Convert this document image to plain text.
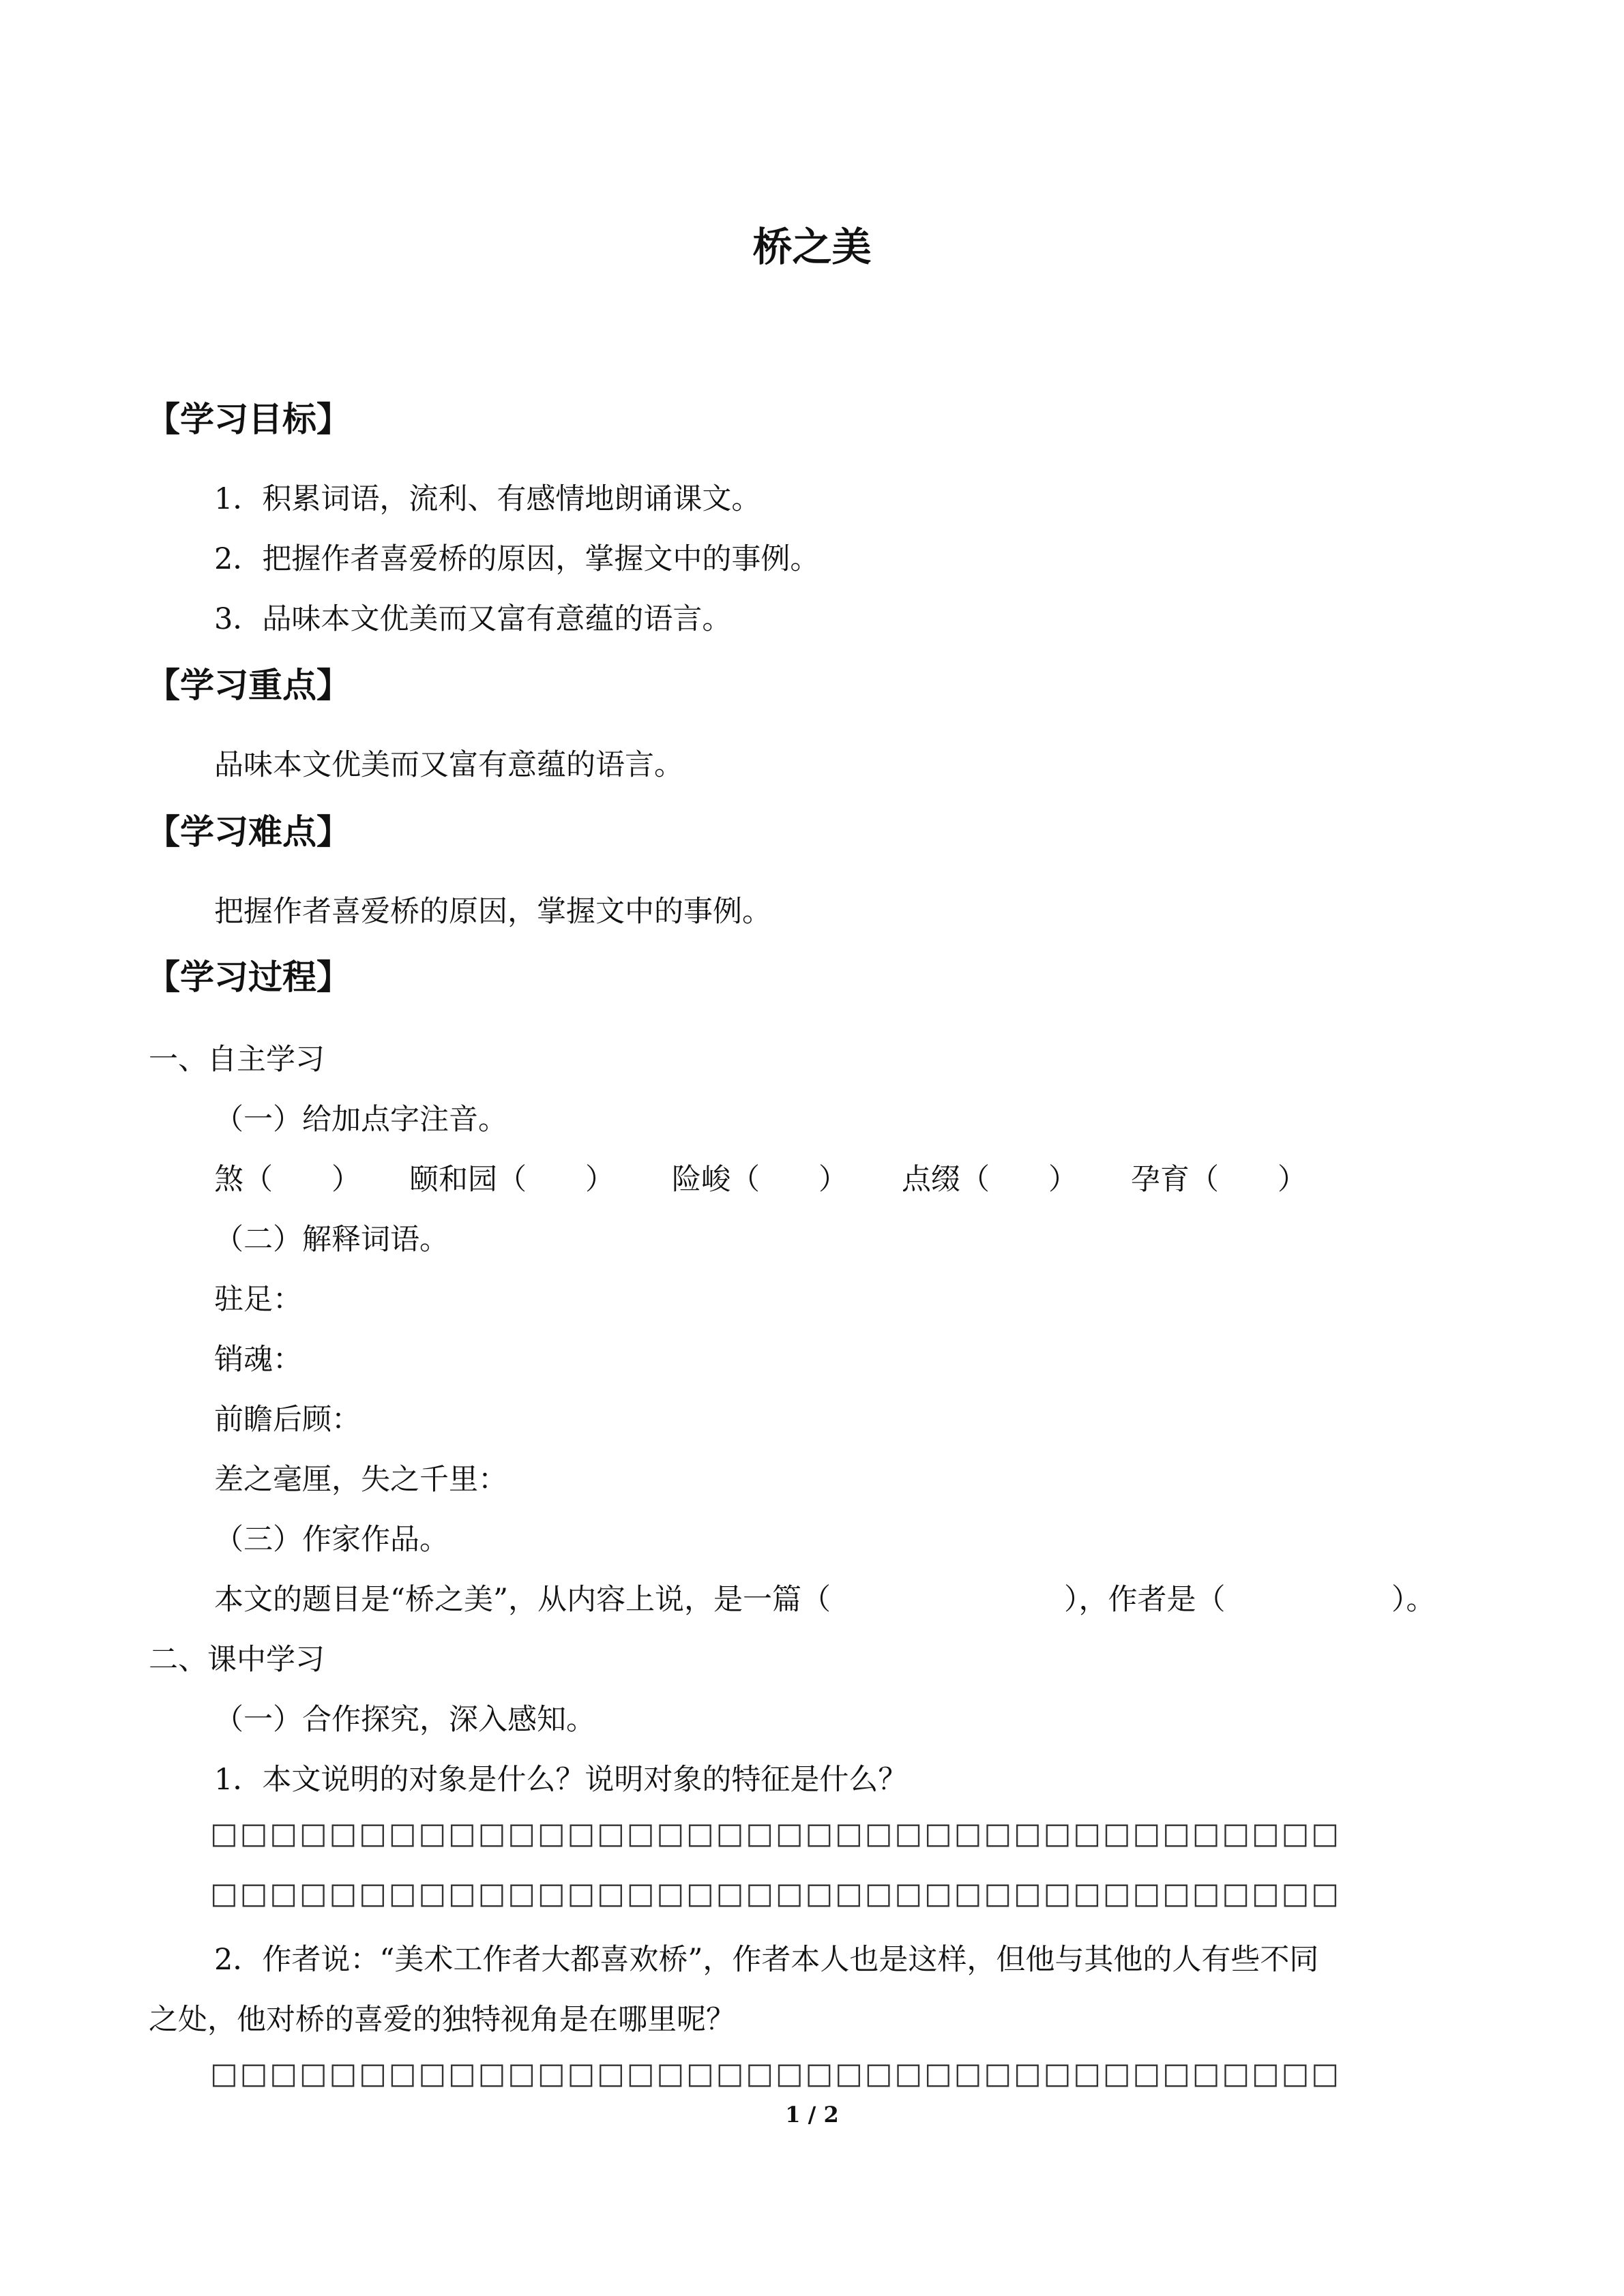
桥之美
【学习目标】
1．积累词语，流利、有感情地朗诵课文。
2．把握作者喜爱桥的原因，掌握文中的事例。
3．品味本文优美而又富有意蕴的语言。
【学习重点】
品味本文优美而又富有意蕴的语言。
【学习难点】
把握作者喜爱桥的原因，掌握文中的事例。
【学习过程】
一、自主学习
（一）给加点字注音。
煞（　　） 颐和园（　　） 险峻（　　） 点缀（　　） 孕育（　　）
（二）解释词语。
驻足：
销魂：
前瞻后顾：
差之毫厘，失之千里：
（三）作家作品。
本文的题目是“桥之美”，从内容上说，是一篇（	），作者是（	）。
二、课中学习
（一）合作探究，深入感知。
1．本文说明的对象是什么？说明对象的特征是什么？
□□□□□□□□□□□□□□□□□□□□□□□□□□□□□□□□□□□□□□
□□□□□□□□□□□□□□□□□□□□□□□□□□□□□□□□□□□□□□
2．作者说：“美术工作者大都喜欢桥”，作者本人也是这样，但他与其他的人有些不同
之处，他对桥的喜爱的独特视角是在哪里呢？
□□□□□□□□□□□□□□□□□□□□□□□□□□□□□□□□□□□□□□
1 / 2
